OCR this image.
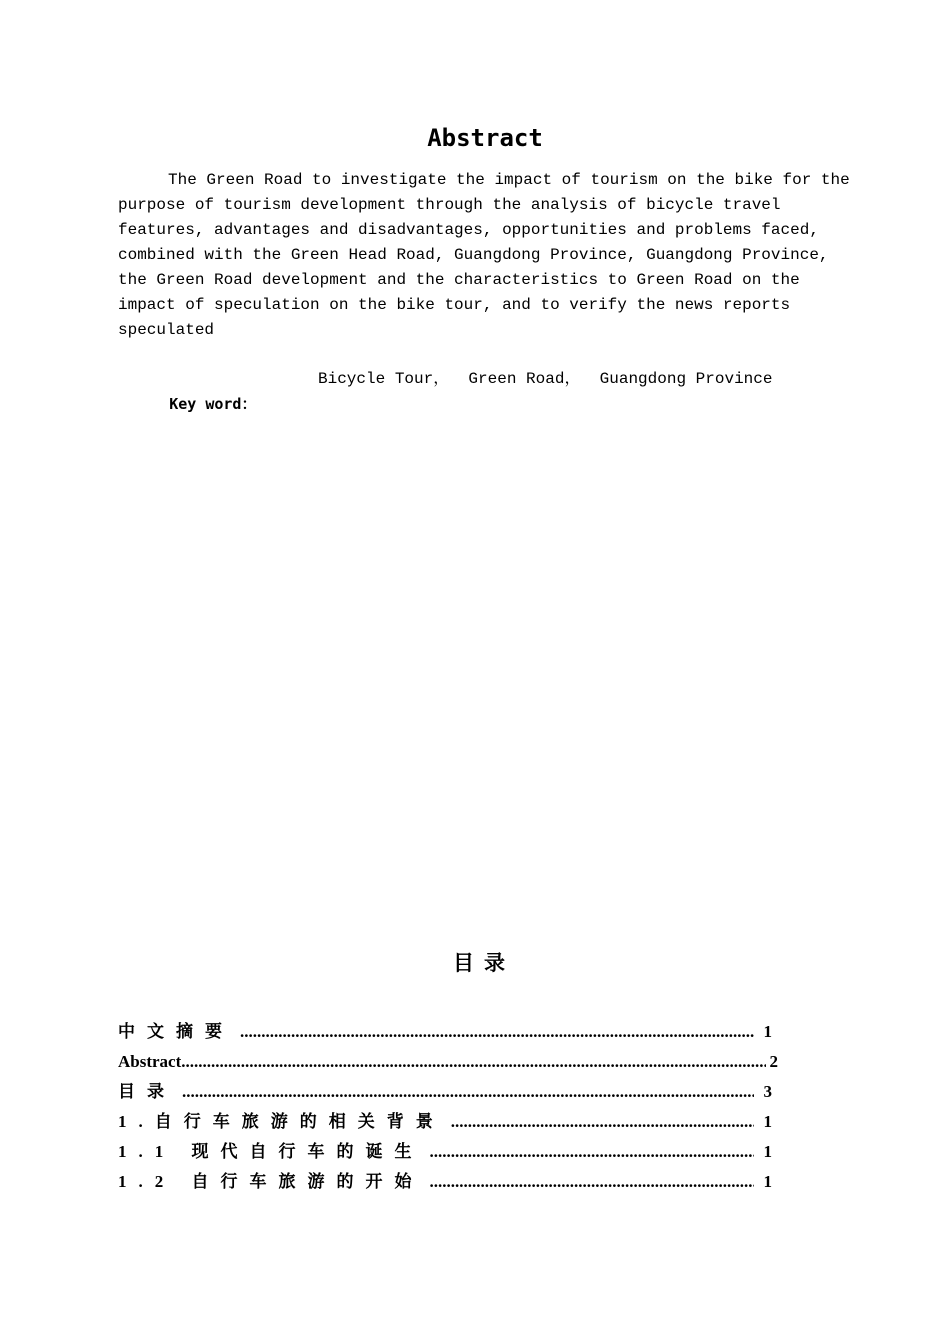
Abstract
The Green Road to investigate the impact of tourism on the bike for the
purpose of tourism development through the analysis of bicycle travel
features, advantages and disadvantages, opportunities and problems faced,
combined with the Green Head Road, Guangdong Province, Guangdong Province,
the Green Road development and the characteristics to Green Road on the
impact of speculation on the bike tour, and to verify the news reports
speculated

Key word：

Bicycle Tour，  Green Road，  Guangdong Province

目录
中文摘要 .....	1
Abstract .....	2
目录 .....	3
1.自行车旅游的相关背景 .....	1
1.1 现代自行车的诞生 .....	1
1.2 自行车旅游的开始 .....	1
